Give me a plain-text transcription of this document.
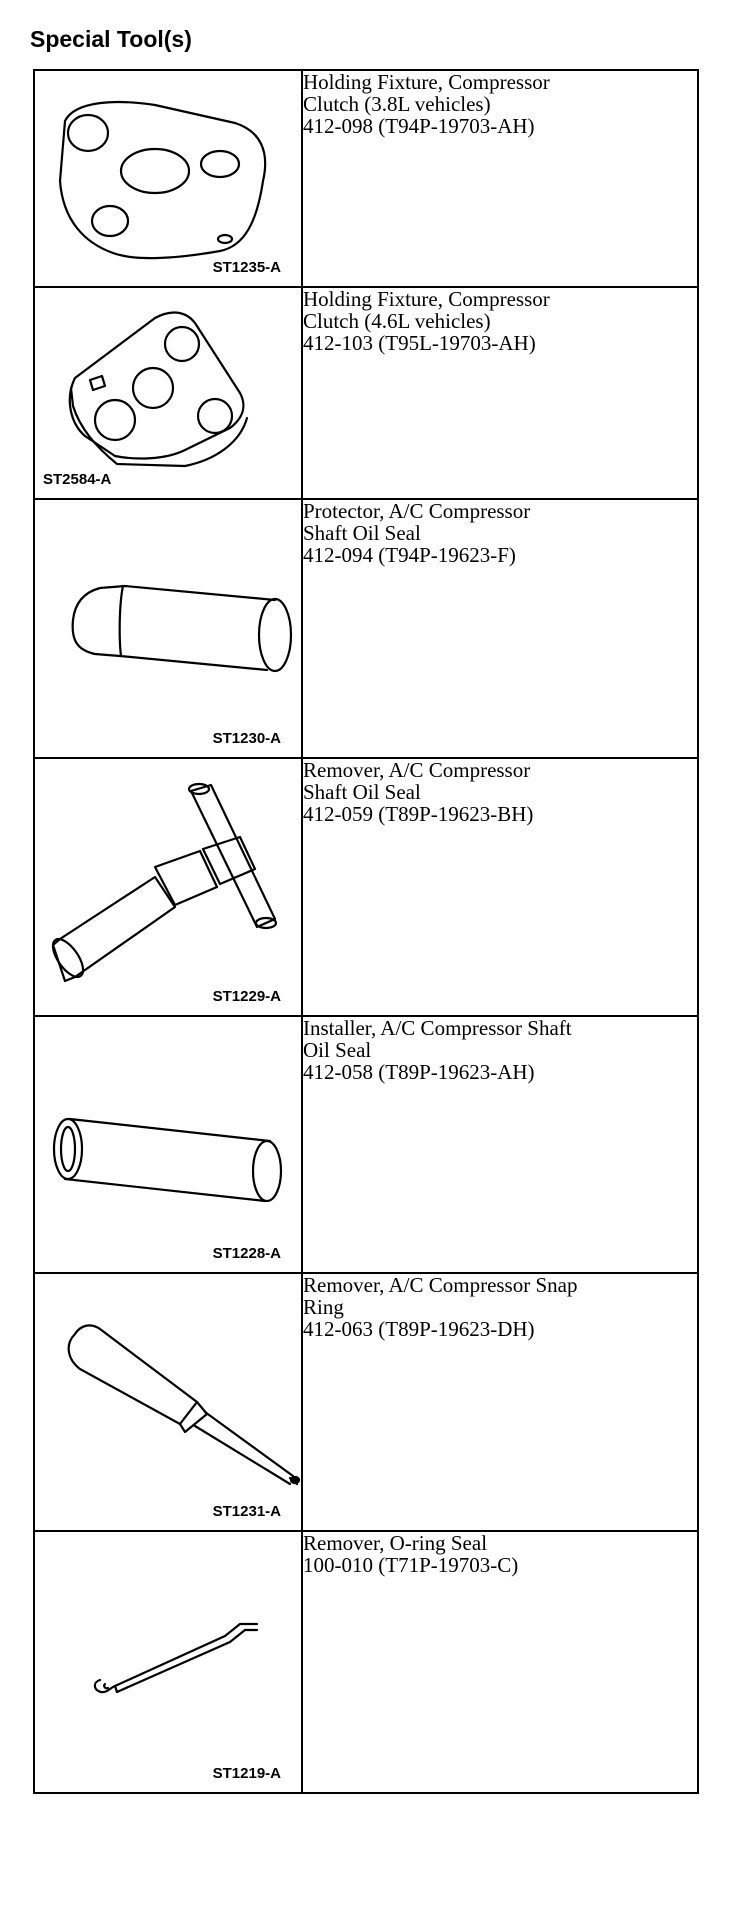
Special Tool(s)
ST1235-A	Holding Fixture, Compressor
Clutch (3.8L vehicles)
412-098 (T94P-19703-AH)

ST2584-A	Holding Fixture, Compressor
Clutch (4.6L vehicles)
412-103 (T95L-19703-AH)

ST1230-A	Protector, A/C Compressor
Shaft Oil Seal
412-094 (T94P-19623-F)

ST1229-A	Remover, A/C Compressor
Shaft Oil Seal
412-059 (T89P-19623-BH)

ST1228-A	Installer, A/C Compressor Shaft
Oil Seal
412-058 (T89P-19623-AH)

ST1231-A	Remover, A/C Compressor Snap
Ring
412-063 (T89P-19623-DH)

ST1219-A	Remover, O-ring Seal
100-010 (T71P-19703-C)
